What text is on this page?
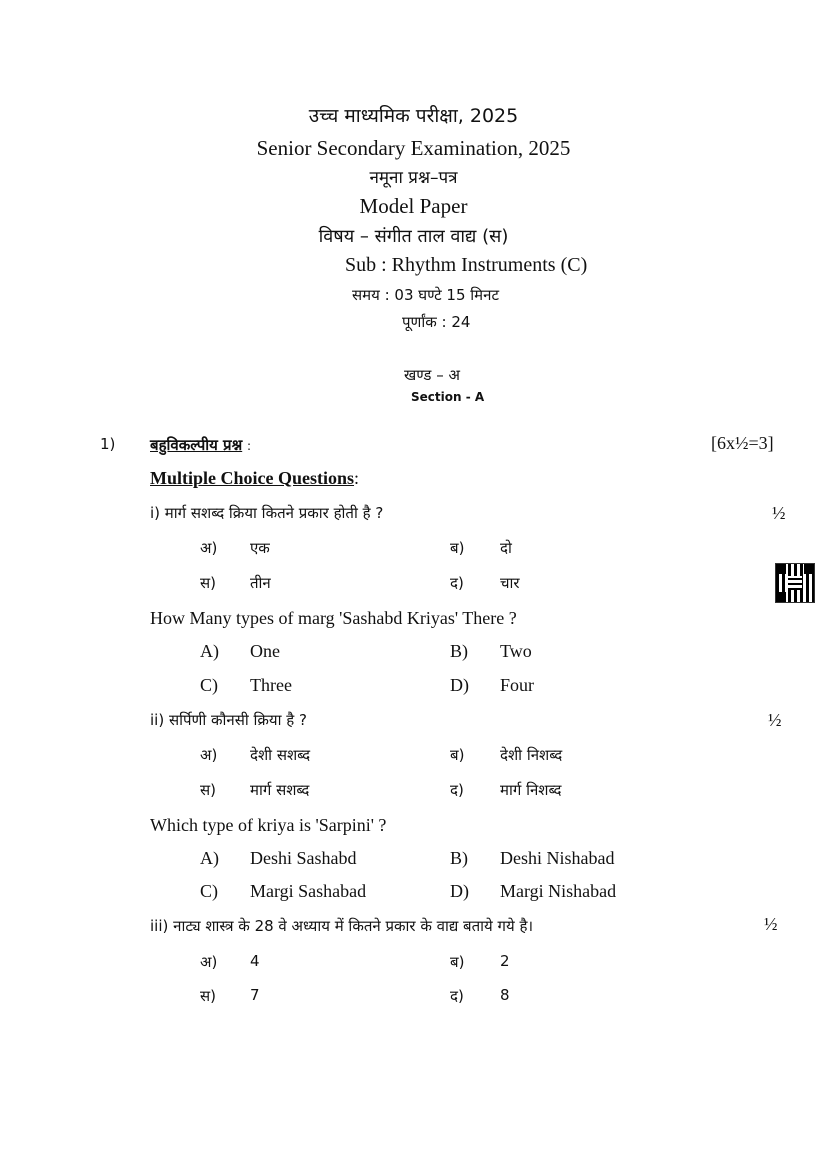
उच्च माध्यमिक परीक्षा, 2025
Senior Secondary Examination, 2025
नमूना प्रश्न–पत्र
Model Paper
विषय – संगीत ताल वाद्य (स)
Sub : Rhythm Instruments (C)
समय : 03 घण्टे 15 मिनट
पूर्णांक : 24
खण्ड – अ
Section - A
1) बहुविकल्पीय प्रश्न :	[6x½=3]
Multiple Choice Questions:
i) मार्ग सशब्द क्रिया कितने प्रकार होती है ?	½
अ) एक	ब) दो
स) तीन	द) चार
How Many types of marg 'Sashabd Kriyas' There ?
A) One	B) Two
C) Three	D) Four
ii) सर्पिणी कौनसी क्रिया है ?	½
अ) देशी सशब्द	ब) देशी निशब्द
स) मार्ग सशब्द	द) मार्ग निशब्द
Which type of kriya is 'Sarpini' ?
A) Deshi Sashabd	B) Deshi Nishabad
C) Margi Sashabad	D) Margi Nishabad
iii) नाट्य शास्त्र के 28 वे अध्याय में कितने प्रकार के वाद्य बताये गये है।	½
अ) 4	ब) 2
स) 7	द) 8
